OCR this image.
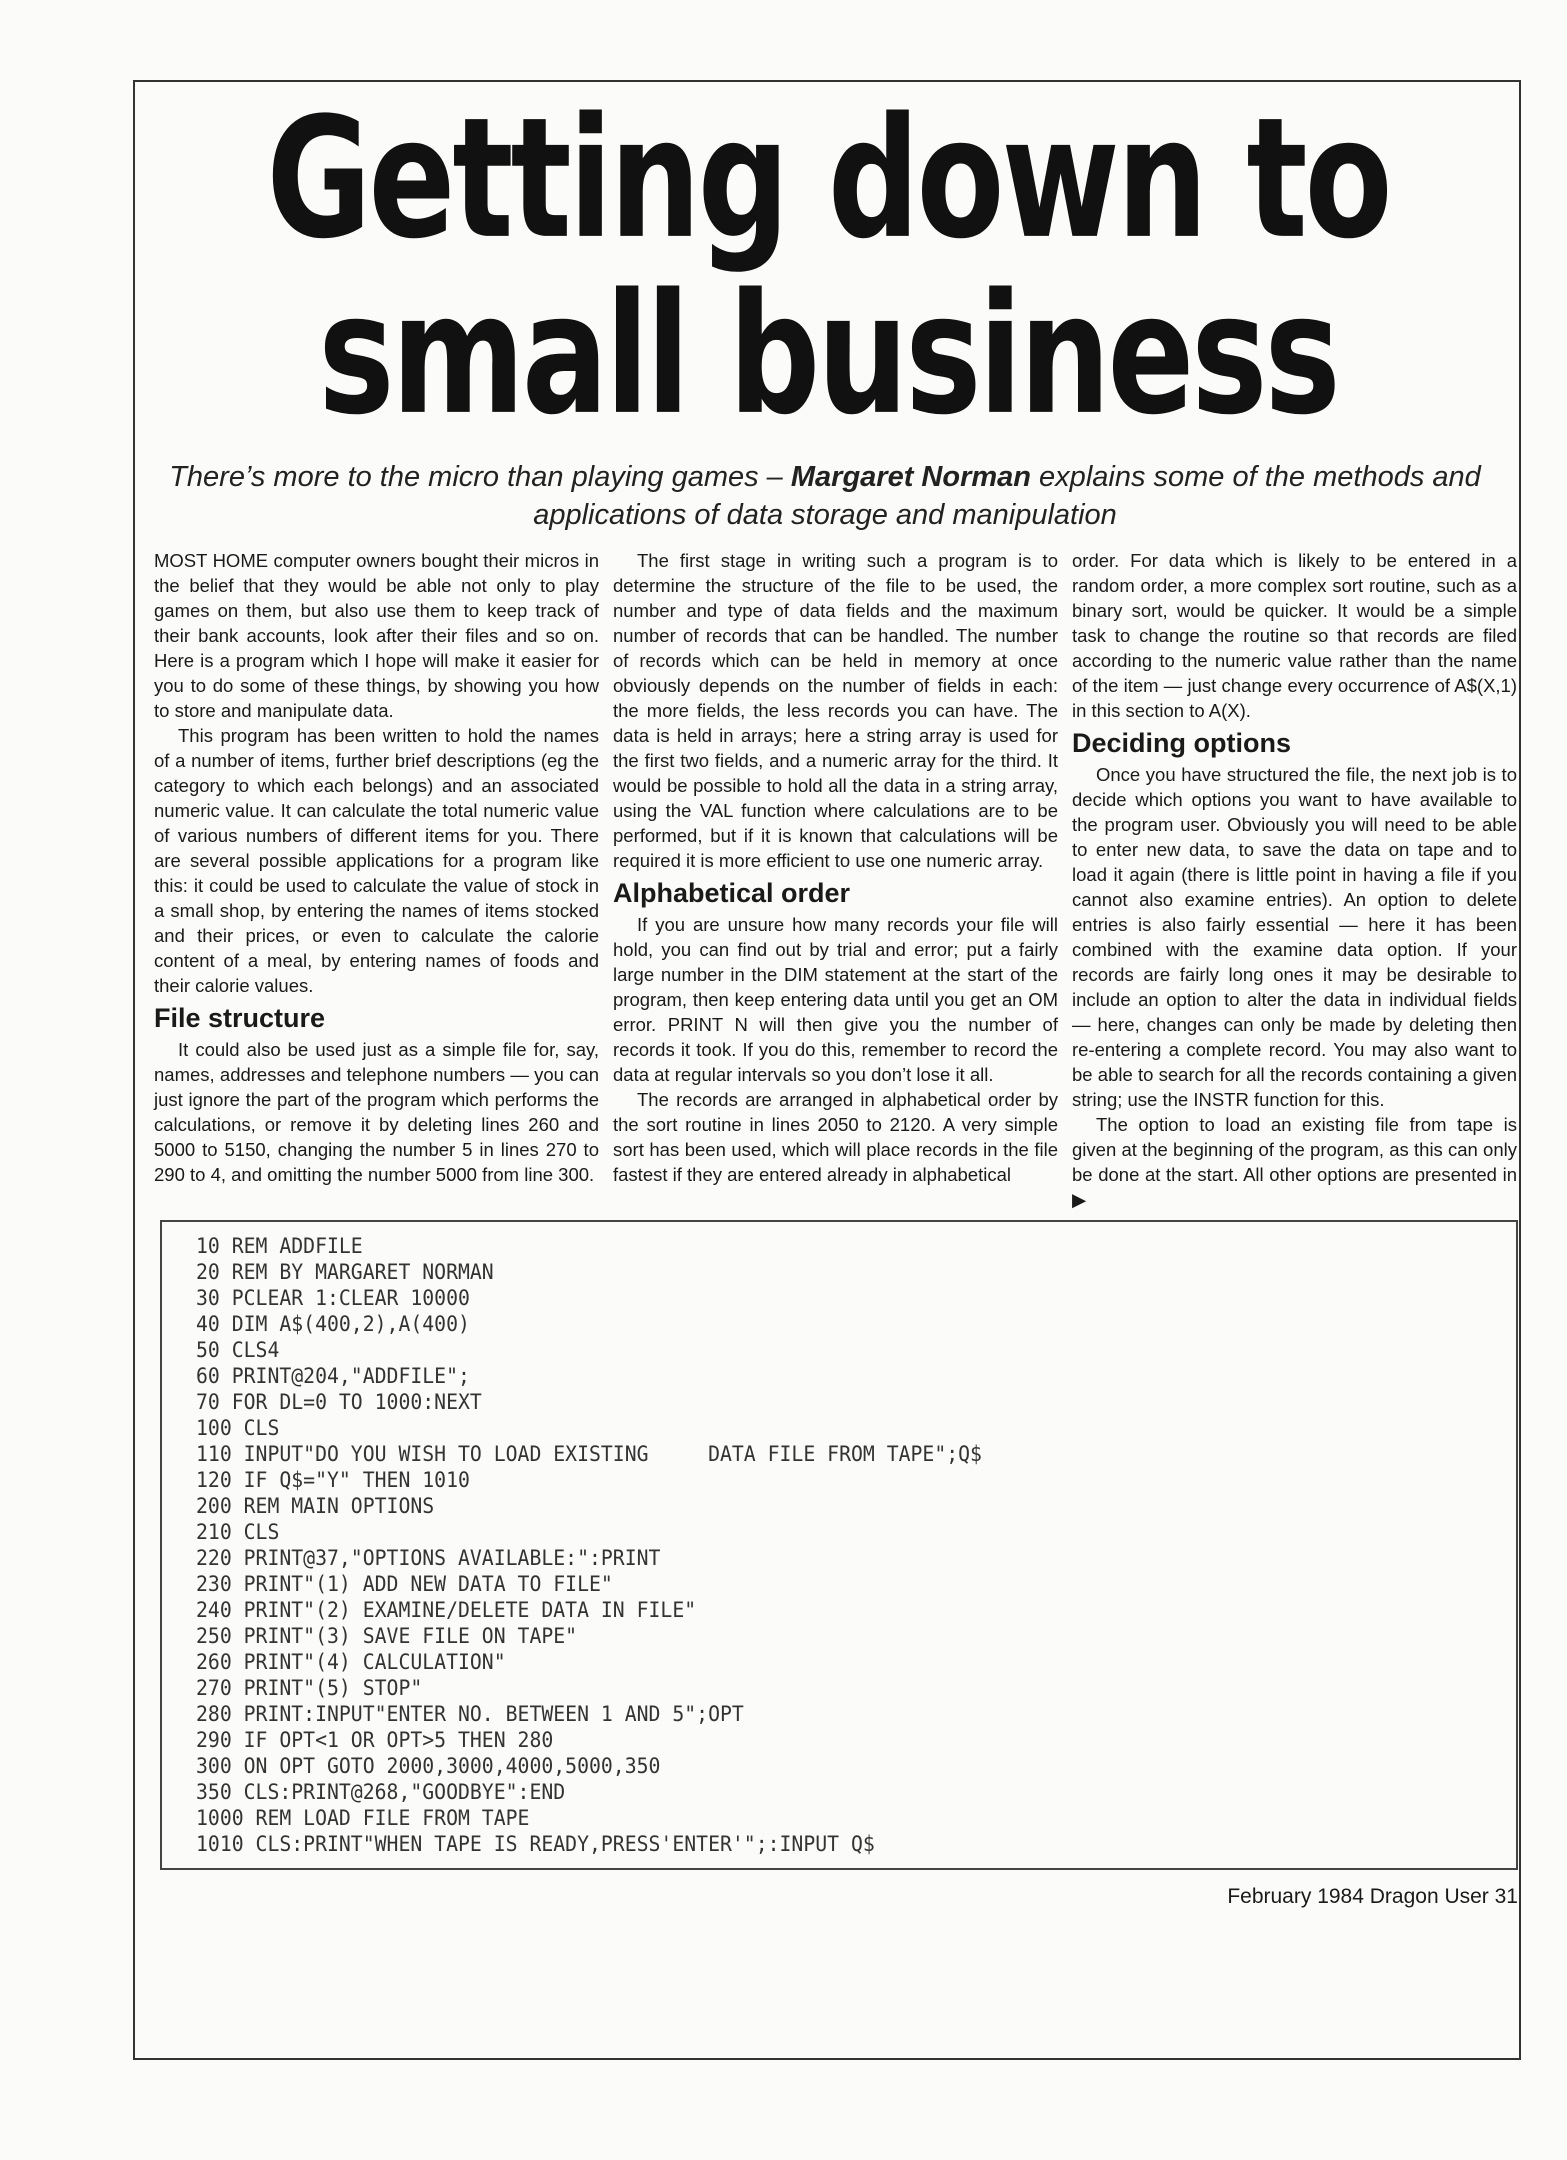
Getting down to
small business
There’s more to the micro than playing games – Margaret Norman explains some of the methods and applications of data storage and manipulation

MOST HOME computer owners bought their micros in the belief that they would be able not only to play games on them, but also use them to keep track of their bank accounts, look after their files and so on. Here is a program which I hope will make it easier for you to do some of these things, by showing you how to store and manipulate data.

This program has been written to hold the names of a number of items, further brief descriptions (eg the category to which each belongs) and an associated numeric value. It can calculate the total numeric value of various numbers of different items for you. There are several possible applications for a program like this: it could be used to calculate the value of stock in a small shop, by entering the names of items stocked and their prices, or even to calculate the calorie content of a meal, by entering names of foods and their calorie values.

File structure

It could also be used just as a simple file for, say, names, addresses and telephone numbers — you can just ignore the part of the program which performs the calculations, or remove it by deleting lines 260 and 5000 to 5150, changing the number 5 in lines 270 to 290 to 4, and omitting the number 5000 from line 300.

The first stage in writing such a program is to determine the structure of the file to be used, the number and type of data fields and the maximum number of records that can be handled. The number of records which can be held in memory at once obviously depends on the number of fields in each: the more fields, the less records you can have. The data is held in arrays; here a string array is used for the first two fields, and a numeric array for the third. It would be possible to hold all the data in a string array, using the VAL function where calculations are to be performed, but if it is known that calculations will be required it is more efficient to use one numeric array.

Alphabetical order

If you are unsure how many records your file will hold, you can find out by trial and error; put a fairly large number in the DIM statement at the start of the program, then keep entering data until you get an OM error. PRINT N will then give you the number of records it took. If you do this, remember to record the data at regular intervals so you don’t lose it all.

The records are arranged in alphabetical order by the sort routine in lines 2050 to 2120. A very simple sort has been used, which will place records in the file fastest if they are entered already in alphabetical

order. For data which is likely to be entered in a random order, a more complex sort routine, such as a binary sort, would be quicker. It would be a simple task to change the routine so that records are filed according to the numeric value rather than the name of the item — just change every occurrence of A$(X,1) in this section to A(X).

Deciding options

Once you have structured the file, the next job is to decide which options you want to have available to the program user. Obviously you will need to be able to enter new data, to save the data on tape and to load it again (there is little point in having a file if you cannot also examine entries). An option to delete entries is also fairly essential — here it has been combined with the examine data option. If your records are fairly long ones it may be desirable to include an option to alter the data in individual fields — here, changes can only be made by deleting then re-entering a complete record. You may also want to be able to search for all the records containing a given string; use the INSTR function for this.

The option to load an existing file from tape is given at the beginning of the program, as this can only be done at the start. All other options are presented in ▶

10 REM ADDFILE
20 REM BY MARGARET NORMAN
30 PCLEAR 1:CLEAR 10000
40 DIM A$(400,2),A(400)
50 CLS4
60 PRINT@204,"ADDFILE";
70 FOR DL=0 TO 1000:NEXT
100 CLS
110 INPUT"DO YOU WISH TO LOAD EXISTING     DATA FILE FROM TAPE";Q$
120 IF Q$="Y" THEN 1010
200 REM MAIN OPTIONS
210 CLS
220 PRINT@37,"OPTIONS AVAILABLE:":PRINT
230 PRINT"(1) ADD NEW DATA TO FILE"
240 PRINT"(2) EXAMINE/DELETE DATA IN FILE"
250 PRINT"(3) SAVE FILE ON TAPE"
260 PRINT"(4) CALCULATION"
270 PRINT"(5) STOP"
280 PRINT:INPUT"ENTER NO. BETWEEN 1 AND 5";OPT
290 IF OPT<1 OR OPT>5 THEN 280
300 ON OPT GOTO 2000,3000,4000,5000,350
350 CLS:PRINT@268,"GOODBYE":END
1000 REM LOAD FILE FROM TAPE
1010 CLS:PRINT"WHEN TAPE IS READY,PRESS'ENTER'";:INPUT Q$
February 1984 Dragon User 31
